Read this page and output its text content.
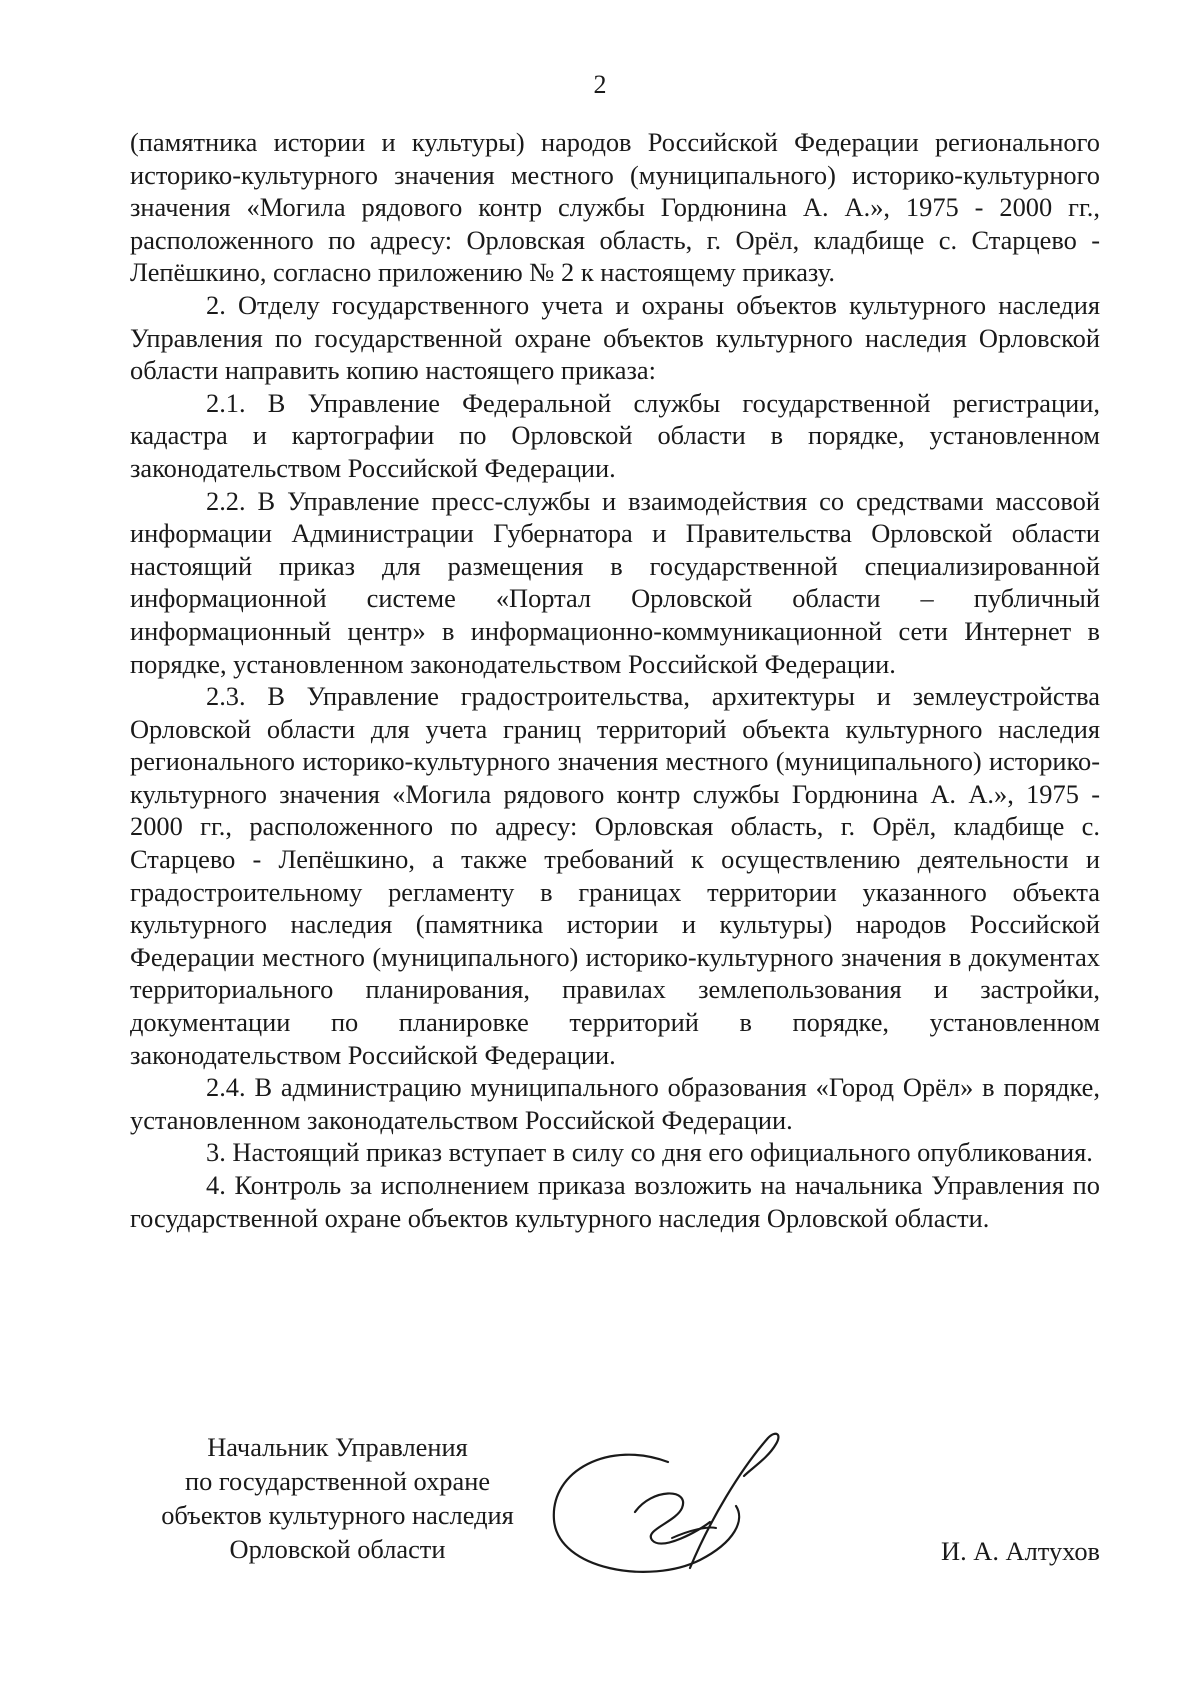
2

(памятника истории и культуры) народов Российской Федерации регионального историко-культурного значения местного (муниципального) историко-культурного значения «Могила рядового контр службы Гордюнина А. А.», 1975 - 2000 гг., расположенного по адресу: Орловская область, г. Орёл, кладбище с. Старцево - Лепёшкино, согласно приложению № 2 к настоящему приказу.

2. Отделу государственного учета и охраны объектов культурного наследия Управления по государственной охране объектов культурного наследия Орловской области направить копию настоящего приказа:

2.1. В Управление Федеральной службы государственной регистрации, кадастра и картографии по Орловской области в порядке, установленном законодательством Российской Федерации.

2.2. В Управление пресс-службы и взаимодействия со средствами массовой информации Администрации Губернатора и Правительства Орловской области настоящий приказ для размещения в государственной специализированной информационной системе «Портал Орловской области – публичный информационный центр» в информационно-коммуникационной сети Интернет в порядке, установленном законодательством Российской Федерации.

2.3. В Управление градостроительства, архитектуры и землеустройства Орловской области для учета границ территорий объекта культурного наследия регионального историко-культурного значения местного (муниципального) историко-культурного значения «Могила рядового контр службы Гордюнина А. А.», 1975 - 2000 гг., расположенного по адресу: Орловская область, г. Орёл, кладбище с. Старцево - Лепёшкино, а также требований к осуществлению деятельности и градостроительному регламенту в границах территории указанного объекта культурного наследия (памятника истории и культуры) народов Российской Федерации местного (муниципального) историко-культурного значения в документах территориального планирования, правилах землепользования и застройки, документации по планировке территорий в порядке, установленном законодательством Российской Федерации.

2.4. В администрацию муниципального образования «Город Орёл» в порядке, установленном законодательством Российской Федерации.

3. Настоящий приказ вступает в силу со дня его официального опубликования.

4. Контроль за исполнением приказа возложить на начальника Управления по государственной охране объектов культурного наследия Орловской области.

Начальник Управления
по государственной охране
объектов культурного наследия
Орловской области	И. А. Алтухов
